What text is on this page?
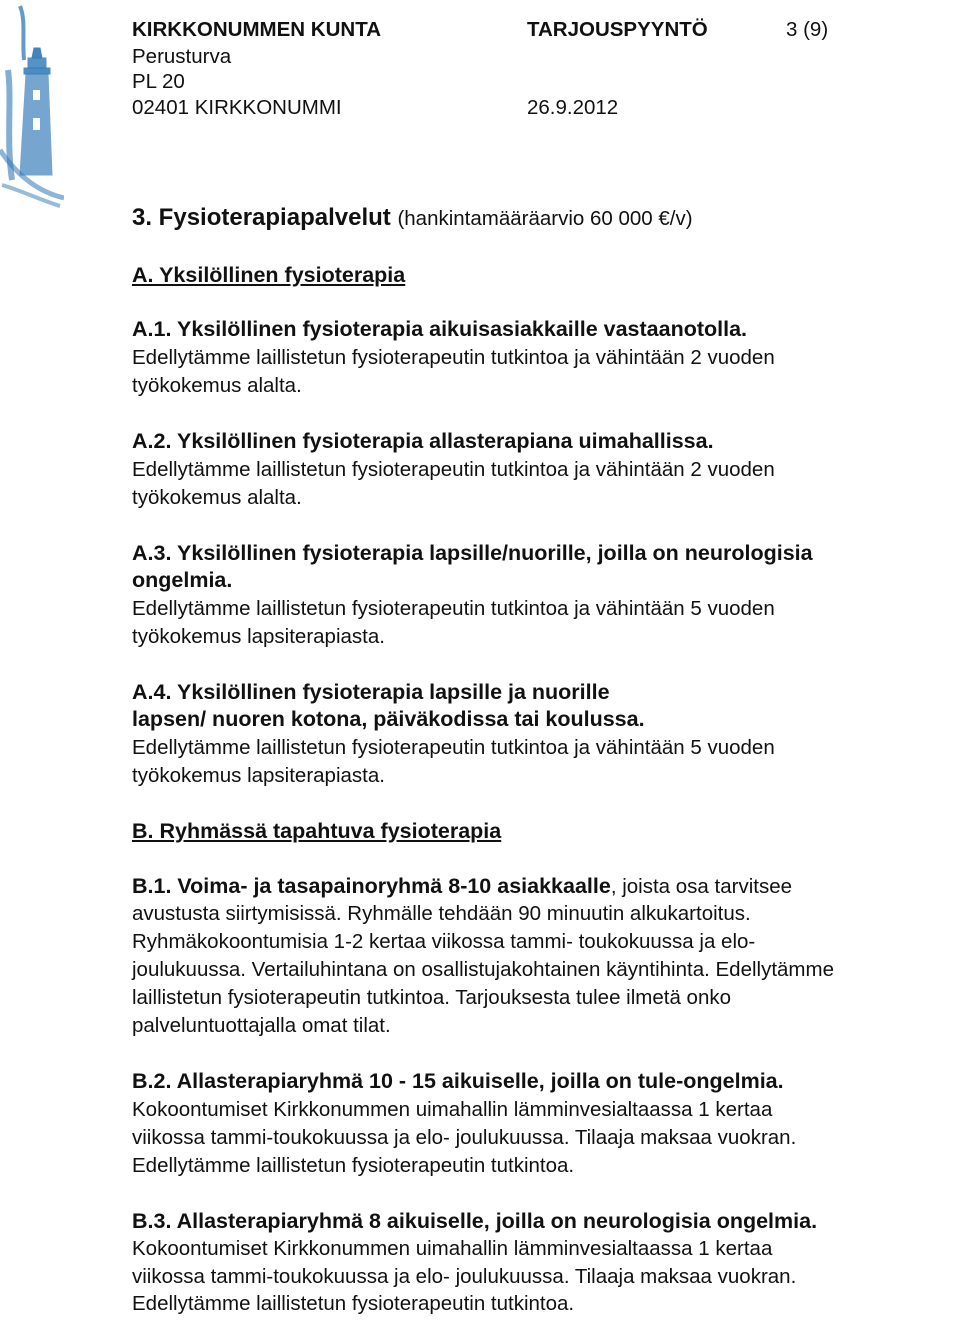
KIRKKONUMMEN KUNTA	TARJOUSPYYNTÖ	3 (9)
Perusturva
PL 20
02401 KIRKKONUMMI	26.9.2012
3. Fysioterapiapalvelut (hankintamääräarvio 60 000 €/v)
A. Yksilöllinen fysioterapia
A.1. Yksilöllinen fysioterapia aikuisasiakkaille vastaanotolla.
Edellytämme laillistetun fysioterapeutin tutkintoa ja vähintään 2 vuoden
työkokemus alalta.
A.2. Yksilöllinen fysioterapia allasterapiana uimahallissa.
Edellytämme laillistetun fysioterapeutin tutkintoa ja vähintään 2 vuoden
työkokemus alalta.
A.3. Yksilöllinen fysioterapia lapsille/nuorille, joilla on neurologisia
ongelmia.
Edellytämme laillistetun fysioterapeutin tutkintoa ja vähintään 5 vuoden
työkokemus lapsiterapiasta.
A.4. Yksilöllinen fysioterapia lapsille ja nuorille
lapsen/ nuoren kotona, päiväkodissa tai koulussa.
Edellytämme laillistetun fysioterapeutin tutkintoa ja vähintään 5 vuoden
työkokemus lapsiterapiasta.
B. Ryhmässä tapahtuva fysioterapia
B.1. Voima- ja tasapainoryhmä 8-10 asiakkaalle, joista osa tarvitsee
avustusta siirtymisissä. Ryhmälle tehdään 90 minuutin alkukartoitus.
Ryhmäkokoontumisia 1-2 kertaa viikossa tammi- toukokuussa ja elo-
joulukuussa. Vertailuhintana on osallistujakohtainen käyntihinta. Edellytämme
laillistetun fysioterapeutin tutkintoa. Tarjouksesta tulee ilmetä onko
palveluntuottajalla omat tilat.
B.2. Allasterapiaryhmä 10 - 15 aikuiselle, joilla on tule-ongelmia.
Kokoontumiset Kirkkonummen uimahallin lämminvesialtaassa 1 kertaa
viikossa tammi-toukokuussa ja elo- joulukuussa. Tilaaja maksaa vuokran.
Edellytämme laillistetun fysioterapeutin tutkintoa.
B.3. Allasterapiaryhmä 8 aikuiselle, joilla on neurologisia ongelmia.
Kokoontumiset Kirkkonummen uimahallin lämminvesialtaassa 1 kertaa
viikossa tammi-toukokuussa ja elo- joulukuussa. Tilaaja maksaa vuokran.
Edellytämme laillistetun fysioterapeutin tutkintoa.
